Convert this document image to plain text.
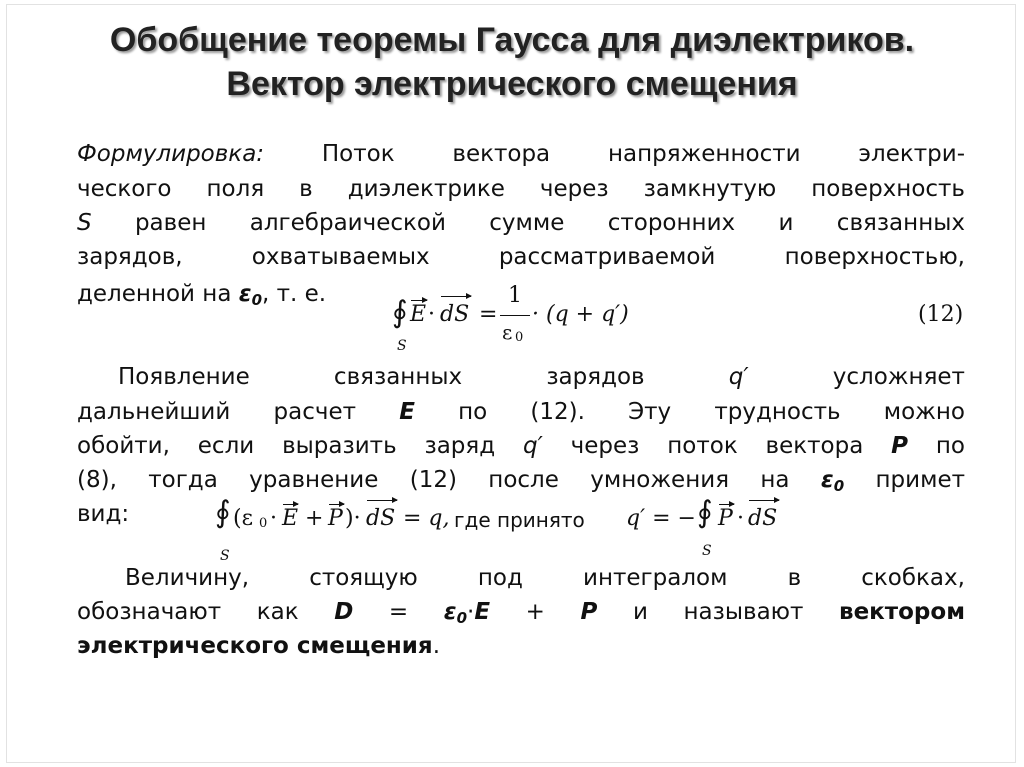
Обобщение теоремы Гаусса для диэлектриков.
Вектор электрического смещения
Формулировка: Поток вектора напряженности электри-
ческого поля в диэлектрике через замкнутую поверхность
S равен алгебраической сумме сторонних и связанных
зарядов, охватываемых рассматриваемой поверхностью,
деленной на $\varepsilon_0$, т. е.
∮
S
E · dS =
1
ε 0
· (q + q′)	(12)
Появление	связанных	зарядов	q′	усложняет
дальнейший расчет E по (12). Эту трудность можно
обойти, если выразить заряд q′ через поток вектора P по
(8), тогда уравнение (12) после умножения на $\varepsilon_0$ примет
вид:	∮
S
(ε 0 · E + P )· dS = q, где принято q′ = − ∮
S
P · dS
Величину,	стоящую	под	интегралом	в	скобках,
обозначают как $D = \varepsilon_0\cdot E + P$ и называют вектором
электрического смещения.
